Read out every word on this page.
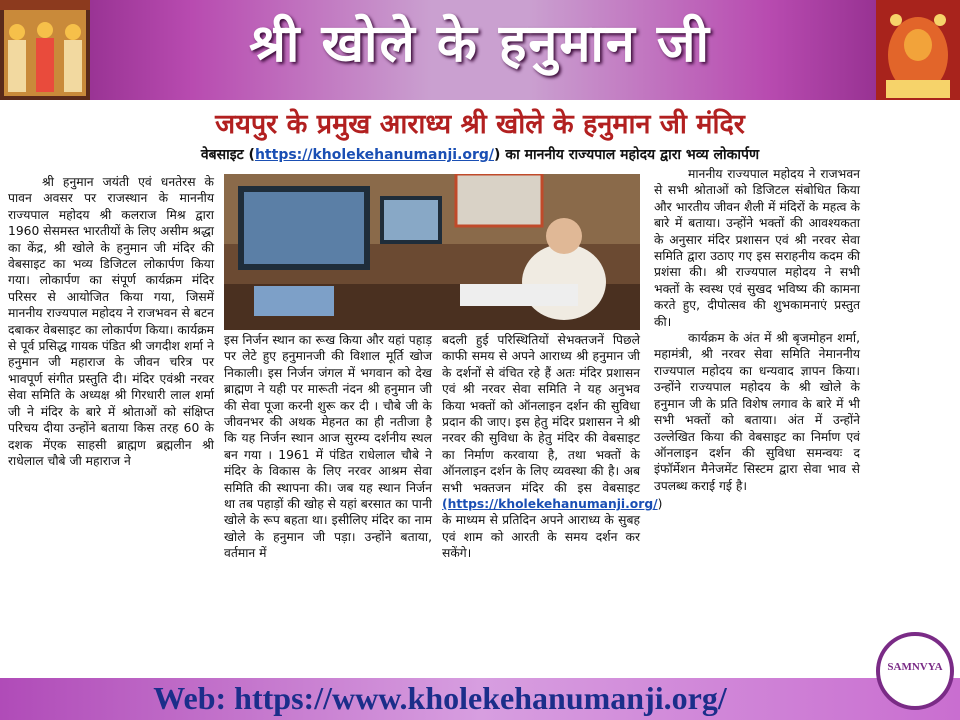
श्री खोले के हनुमान जी
जयपुर के प्रमुख आराध्य श्री खोले के हनुमान जी मंदिर
वेबसाइट (https://kholekehanumanji.org/) का माननीय राज्यपाल महोदय द्वारा भव्य लोकार्पण

श्री हनुमान जयंती एवं धनतेरस के पावन अवसर पर राजस्थान के माननीय राज्यपाल महोदय श्री कलराज मिश्र द्वारा 1960 सेसमस्त भारतीयों के लिए असीम श्रद्धा का केंद्र, श्री खोले के हनुमान जी मंदिर की वेबसाइट का भव्य डिजिटल लोकार्पण किया गया। लोकार्पण का संपूर्ण कार्यक्रम मंदिर परिसर से आयोजित किया गया, जिसमें माननीय राज्यपाल महोदय ने राजभवन से बटन दबाकर वेबसाइट का लोकार्पण किया। कार्यक्रम से पूर्व प्रसिद्ध गायक पंडित श्री जगदीश शर्मा ने हनुमान जी महाराज के जीवन चरित्र पर भावपूर्ण संगीत प्रस्तुति दी। मंदिर एवंश्री नरवर सेवा समिति के अध्यक्ष श्री गिरधारी लाल शर्मा जी ने मंदिर के बारे में श्रोताओं को संक्षिप्त परिचय दीया उन्होंने बताया किस तरह 60 के दशक मेंएक साहसी ब्राह्मण ब्रह्मलीन श्री राधेलाल चौबे जी महाराज ने

इस निर्जन स्थान का रूख किया और यहां पहाड़ पर लेटे हुए हनुमानजी की विशाल मूर्ति खोज निकाली। इस निर्जन जंगल में भगवान को देख ब्राह्मण ने यही पर मारूती नंदन श्री हनुमान जी की सेवा पूजा करनी शुरू कर दी । चौबे जी के जीवनभर की अथक मेहनत का ही नतीजा है कि यह निर्जन स्थान आज सुरम्य दर्शनीय स्थल बन गया । 1961 में पंडित राधेलाल चौबे ने मंदिर के विकास के लिए नरवर आश्रम सेवा समिति की स्थापना की। जब यह स्थान निर्जन था तब पहाड़ों की खोह से यहां बरसात का पानी खोले के रूप बहता था। इसीलिए मंदिर का नाम खोले के हनुमान जी पड़ा। उन्होंने बताया, वर्तमान में

बदली हुई परिस्थितियों सेभक्तजनें पिछले काफी समय से अपने आराध्य श्री हनुमान जी के दर्शनों से वंचित रहे हैं अतः मंदिर प्रशासन एवं श्री नरवर सेवा समिति ने यह अनुभव किया भक्तों को ऑनलाइन दर्शन की सुविधा प्रदान की जाए। इस हेतु मंदिर प्रशासन ने श्री नरवर की सुविधा के हेतु मंदिर की वेबसाइट का निर्माण करवाया है, तथा भक्तों के ऑनलाइन दर्शन के लिए व्यवस्था की है। अब सभी भक्तजन मंदिर की इस वेबसाइट (https://kholekehanumanji.org/) के माध्यम से प्रतिदिन अपने आराध्य के सुबह एवं शाम को आरती के समय दर्शन कर सकेंगे।

माननीय राज्यपाल महोदय ने राजभवन से सभी श्रोताओं को डिजिटल संबोधित किया और भारतीय जीवन शैली में मंदिरों के महत्व के बारे में बताया। उन्होंने भक्तों की आवश्यकता के अनुसार मंदिर प्रशासन एवं श्री नरवर सेवा समिति द्वारा उठाए गए इस सराहनीय कदम की प्रशंसा की। श्री राज्यपाल महोदय ने सभी भक्तों के स्वस्थ एवं सुखद भविष्य की कामना करते हुए, दीपोत्सव की शुभकामनाएं प्रस्तुत की।

कार्यक्रम के अंत में श्री बृजमोहन शर्मा, महामंत्री, श्री नरवर सेवा समिति नेमाननीय राज्यपाल महोदय का धन्यवाद ज्ञापन किया। उन्होंने राज्यपाल महोदय के श्री खोले के हनुमान जी के प्रति विशेष लगाव के बारे में भी सभी भक्तों को बताया। अंत में उन्होंने उल्लेखित किया की वेबसाइट का निर्माण एवं ऑनलाइन दर्शन की सुविधा समन्वयः द इंफॉर्मेशन मैनेजमेंट सिस्टम द्वारा सेवा भाव से उपलब्ध कराई गई है।

Web: https://www.kholekehanumanji.org/
SAMNVYA
